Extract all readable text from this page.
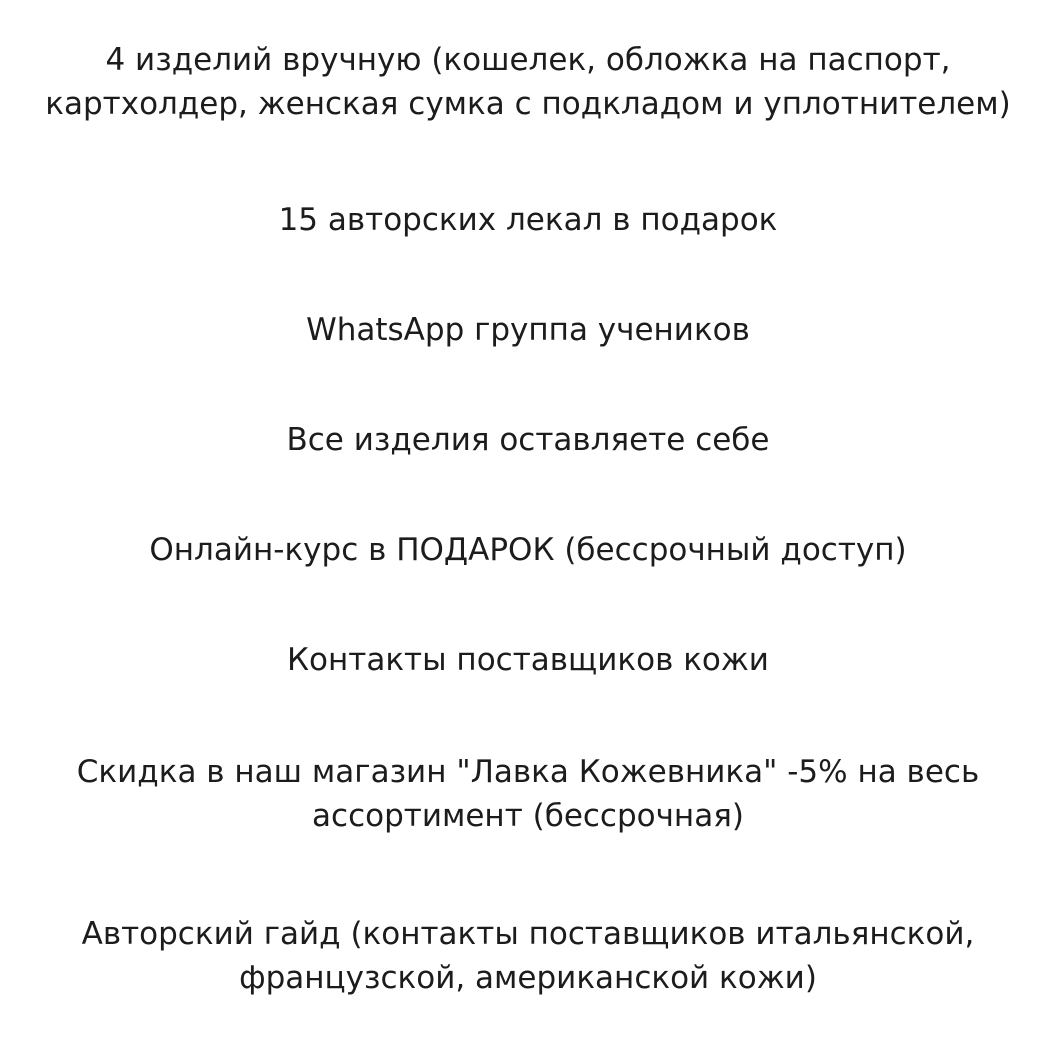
4 изделий вручную (кошелек, обложка на паспорт,
картхолдер, женская сумка с подкладом и уплотнителем)
15 авторских лекал в подарок
WhatsApp группа учеников
Все изделия оставляете себе
Онлайн-курс в ПОДАРОК (бессрочный доступ)
Контакты поставщиков кожи
Скидка в наш магазин "Лавка Кожевника" -5% на весь
ассортимент (бессрочная)
Авторский гайд (контакты поставщиков итальянской,
французской, американской кожи)
